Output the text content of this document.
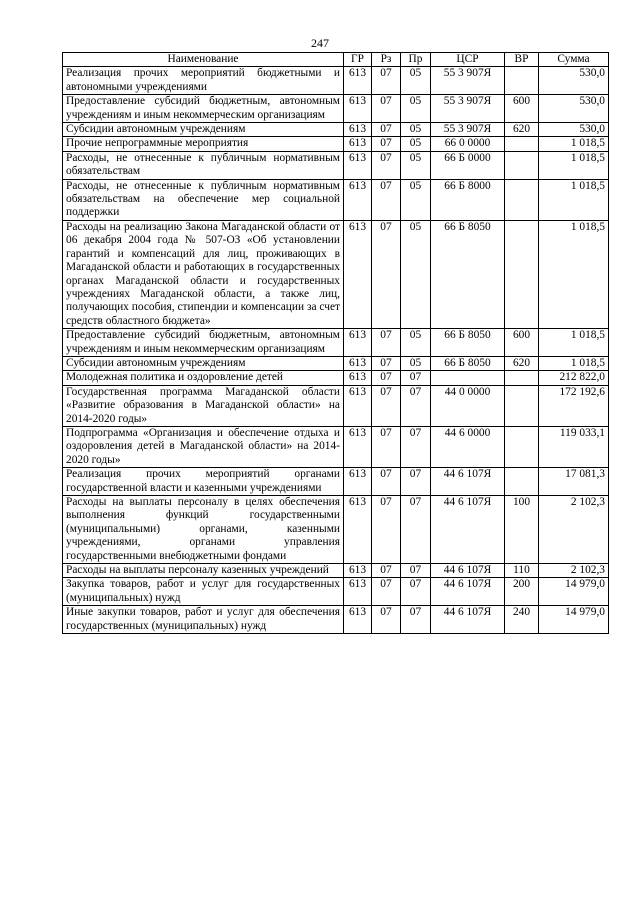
247
Наименование	ГР	Рз	Пр	ЦСР	ВР	Сумма
Реализация прочих мероприятий бюджетными и автономными учреждениями	613	07	05	55 3 907Я		530,0
Предоставление субсидий бюджетным, автономным учреждениям и иным некоммерческим организациям	613	07	05	55 3 907Я	600	530,0
Субсидии автономным учреждениям	613	07	05	55 3 907Я	620	530,0
Прочие непрограммные мероприятия	613	07	05	66 0 0000		1 018,5
Расходы, не отнесенные к публичным нормативным обязательствам	613	07	05	66 Б 0000		1 018,5
Расходы, не отнесенные к публичным нормативным обязательствам на обеспечение мер социальной поддержки	613	07	05	66 Б 8000		1 018,5
Расходы на реализацию Закона Магаданской области от 06 декабря 2004 года № 507-ОЗ «Об установлении гарантий и компенсаций для лиц, проживающих в Магаданской области и работающих в государственных органах Магаданской области и государственных учреждениях Магаданской области, а также лиц, получающих пособия, стипендии и компенсации за счет средств областного бюджета»	613	07	05	66 Б 8050		1 018,5
Предоставление субсидий бюджетным, автономным учреждениям и иным некоммерческим организациям	613	07	05	66 Б 8050	600	1 018,5
Субсидии автономным учреждениям	613	07	05	66 Б 8050	620	1 018,5
Молодежная политика и оздоровление детей	613	07	07			212 822,0
Государственная программа Магаданской области «Развитие образования в Магаданской области» на 2014-2020 годы»	613	07	07	44 0 0000		172 192,6
Подпрограмма «Организация и обеспечение отдыха и оздоровления детей в Магаданской области» на 2014-2020 годы»	613	07	07	44 6 0000		119 033,1
Реализация прочих мероприятий органами государственной власти и казенными учреждениями	613	07	07	44 6 107Я		17 081,3
Расходы на выплаты персоналу в целях обеспечения выполнения функций государственными (муниципальными) органами, казенными учреждениями, органами управления государственными внебюджетными фондами	613	07	07	44 6 107Я	100	2 102,3
Расходы на выплаты персоналу казенных учреждений	613	07	07	44 6 107Я	110	2 102,3
Закупка товаров, работ и услуг для государственных (муниципальных) нужд	613	07	07	44 6 107Я	200	14 979,0
Иные закупки товаров, работ и услуг для обеспечения государственных (муниципальных) нужд	613	07	07	44 6 107Я	240	14 979,0
